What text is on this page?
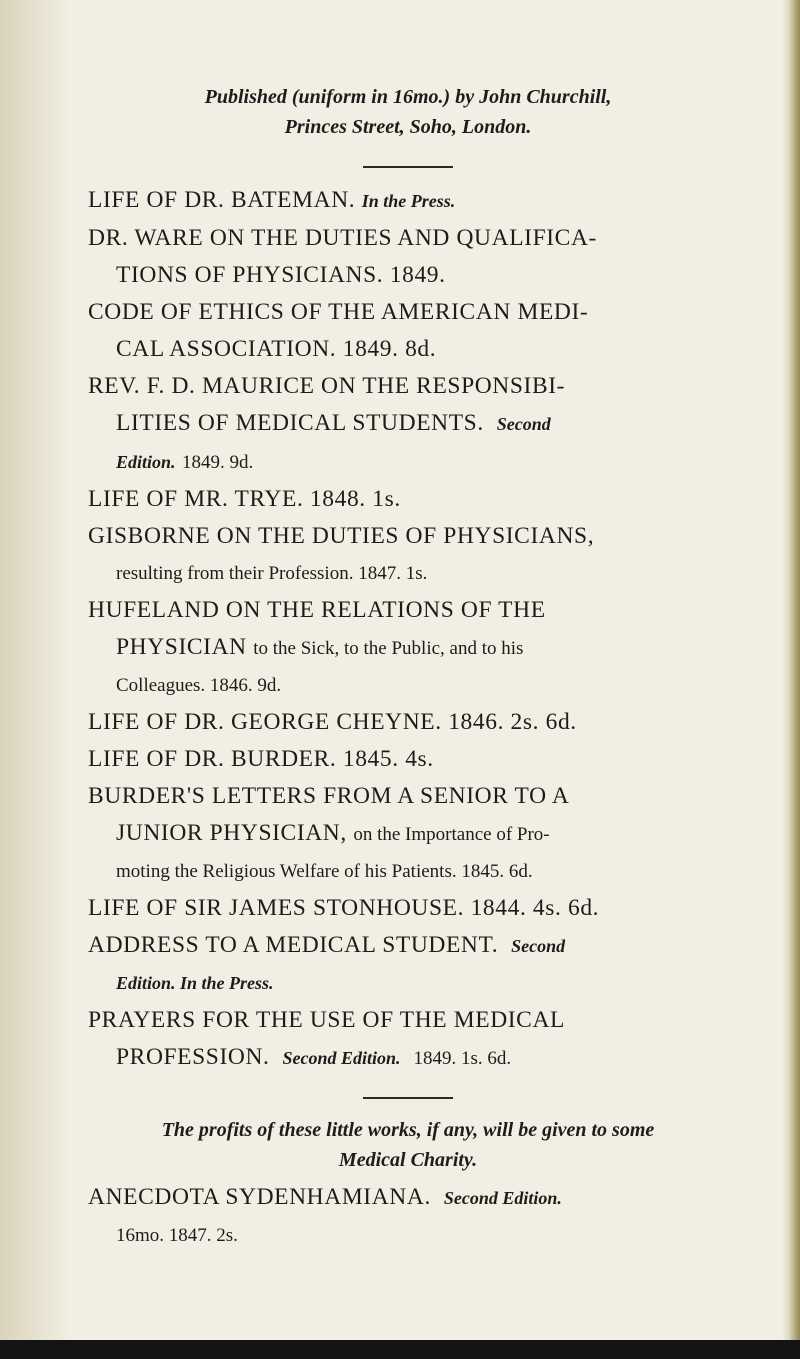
Published (uniform in 16mo.) by John Churchill,
Princes Street, Soho, London.
LIFE OF DR. BATEMAN. In the Press.
DR. WARE ON THE DUTIES AND QUALIFICA-
TIONS OF PHYSICIANS. 1849.
CODE OF ETHICS OF THE AMERICAN MEDI-
CAL ASSOCIATION. 1849. 8d.
REV. F. D. MAURICE ON THE RESPONSIBI-
LITIES OF MEDICAL STUDENTS. Second
Edition. 1849. 9d.
LIFE OF MR. TRYE. 1848. 1s.
GISBORNE ON THE DUTIES OF PHYSICIANS,
resulting from their Profession. 1847. 1s.
HUFELAND ON THE RELATIONS OF THE
PHYSICIAN to the Sick, to the Public, and to his
Colleagues. 1846. 9d.
LIFE OF DR. GEORGE CHEYNE. 1846. 2s. 6d.
LIFE OF DR. BURDER. 1845. 4s.
BURDER'S LETTERS FROM A SENIOR TO A
JUNIOR PHYSICIAN, on the Importance of Pro-
moting the Religious Welfare of his Patients. 1845. 6d.
LIFE OF SIR JAMES STONHOUSE. 1844. 4s. 6d.
ADDRESS TO A MEDICAL STUDENT. Second
Edition. In the Press.
PRAYERS FOR THE USE OF THE MEDICAL
PROFESSION. Second Edition. 1849. 1s. 6d.
The profits of these little works, if any, will be given to some
Medical Charity.
ANECDOTA SYDENHAMIANA. Second Edition.
16mo. 1847. 2s.
